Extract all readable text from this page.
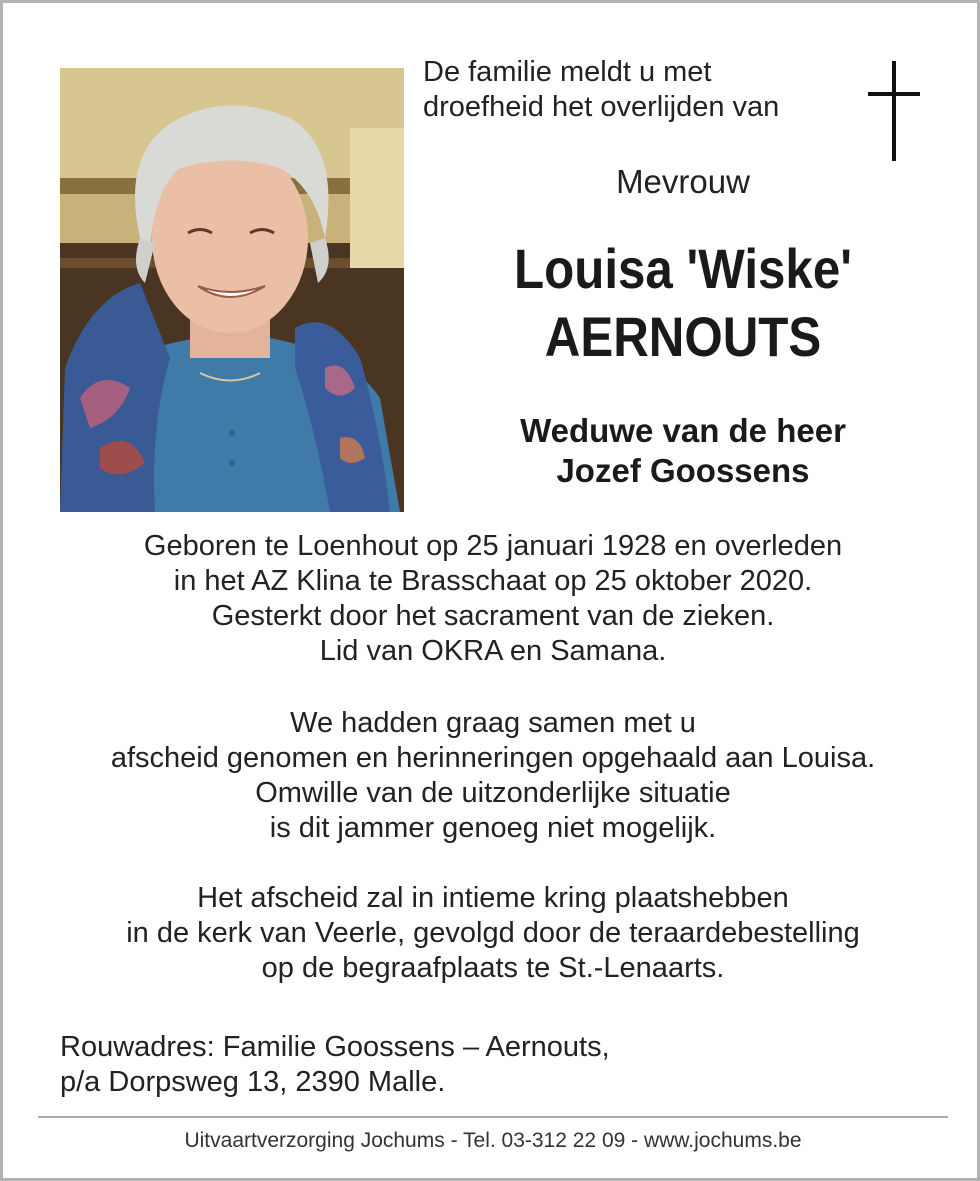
De familie meldt u met
droefheid het overlijden van
Mevrouw
Louisa 'Wiske'
AERNOUTS
Weduwe van de heer
Jozef Goossens
Geboren te Loenhout op 25 januari 1928 en overleden
in het AZ Klina te Brasschaat op 25 oktober 2020.
Gesterkt door het sacrament van de zieken.
Lid van OKRA en Samana.
We hadden graag samen met u
afscheid genomen en herinneringen opgehaald aan Louisa.
Omwille van de uitzonderlijke situatie
is dit jammer genoeg niet mogelijk.
Het afscheid zal in intieme kring plaatshebben
in de kerk van Veerle, gevolgd door de teraardebestelling
op de begraafplaats te St.-Lenaarts.
Rouwadres: Familie Goossens – Aernouts,
p/a Dorpsweg 13, 2390 Malle.
Uitvaartverzorging Jochums - Tel. 03-312 22 09 - www.jochums.be
